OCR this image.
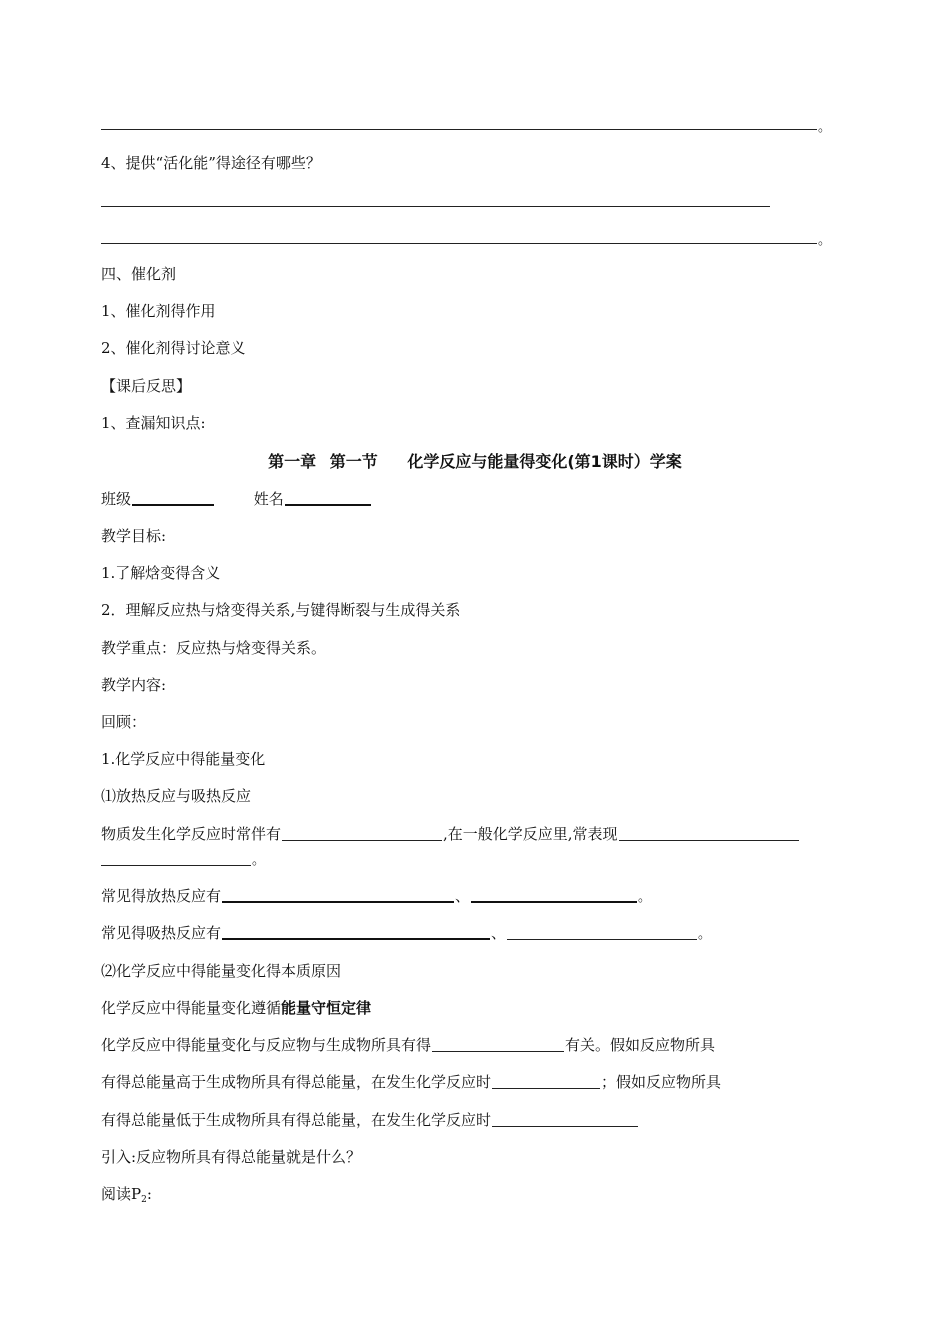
。
4、提供“活化能”得途径有哪些？
。
四、催化剂
1、催化剂得作用
2、催化剂得讨论意义
【课后反思】
1、查漏知识点:
第一章 第一节 化学反应与能量得变化(第1课时）学案
班级	姓名
教学目标:
1.了解焓变得含义
2．理解反应热与焓变得关系,与键得断裂与生成得关系
教学重点：反应热与焓变得关系。
教学内容:
回顾：
1.化学反应中得能量变化
⑴放热反应与吸热反应
物质发生化学反应时常伴有	,在一般化学反应里,常表现
。
常见得放热反应有	、	。
常见得吸热反应有	、	。
⑵化学反应中得能量变化得本质原因
化学反应中得能量变化遵循能量守恒定律
化学反应中得能量变化与反应物与生成物所具有得	有关。假如反应物所具
有得总能量高于生成物所具有得总能量，在发生化学反应时	；假如反应物所具
有得总能量低于生成物所具有得总能量，在发生化学反应时
引入:反应物所具有得总能量就是什么？
阅读$P_2$:
